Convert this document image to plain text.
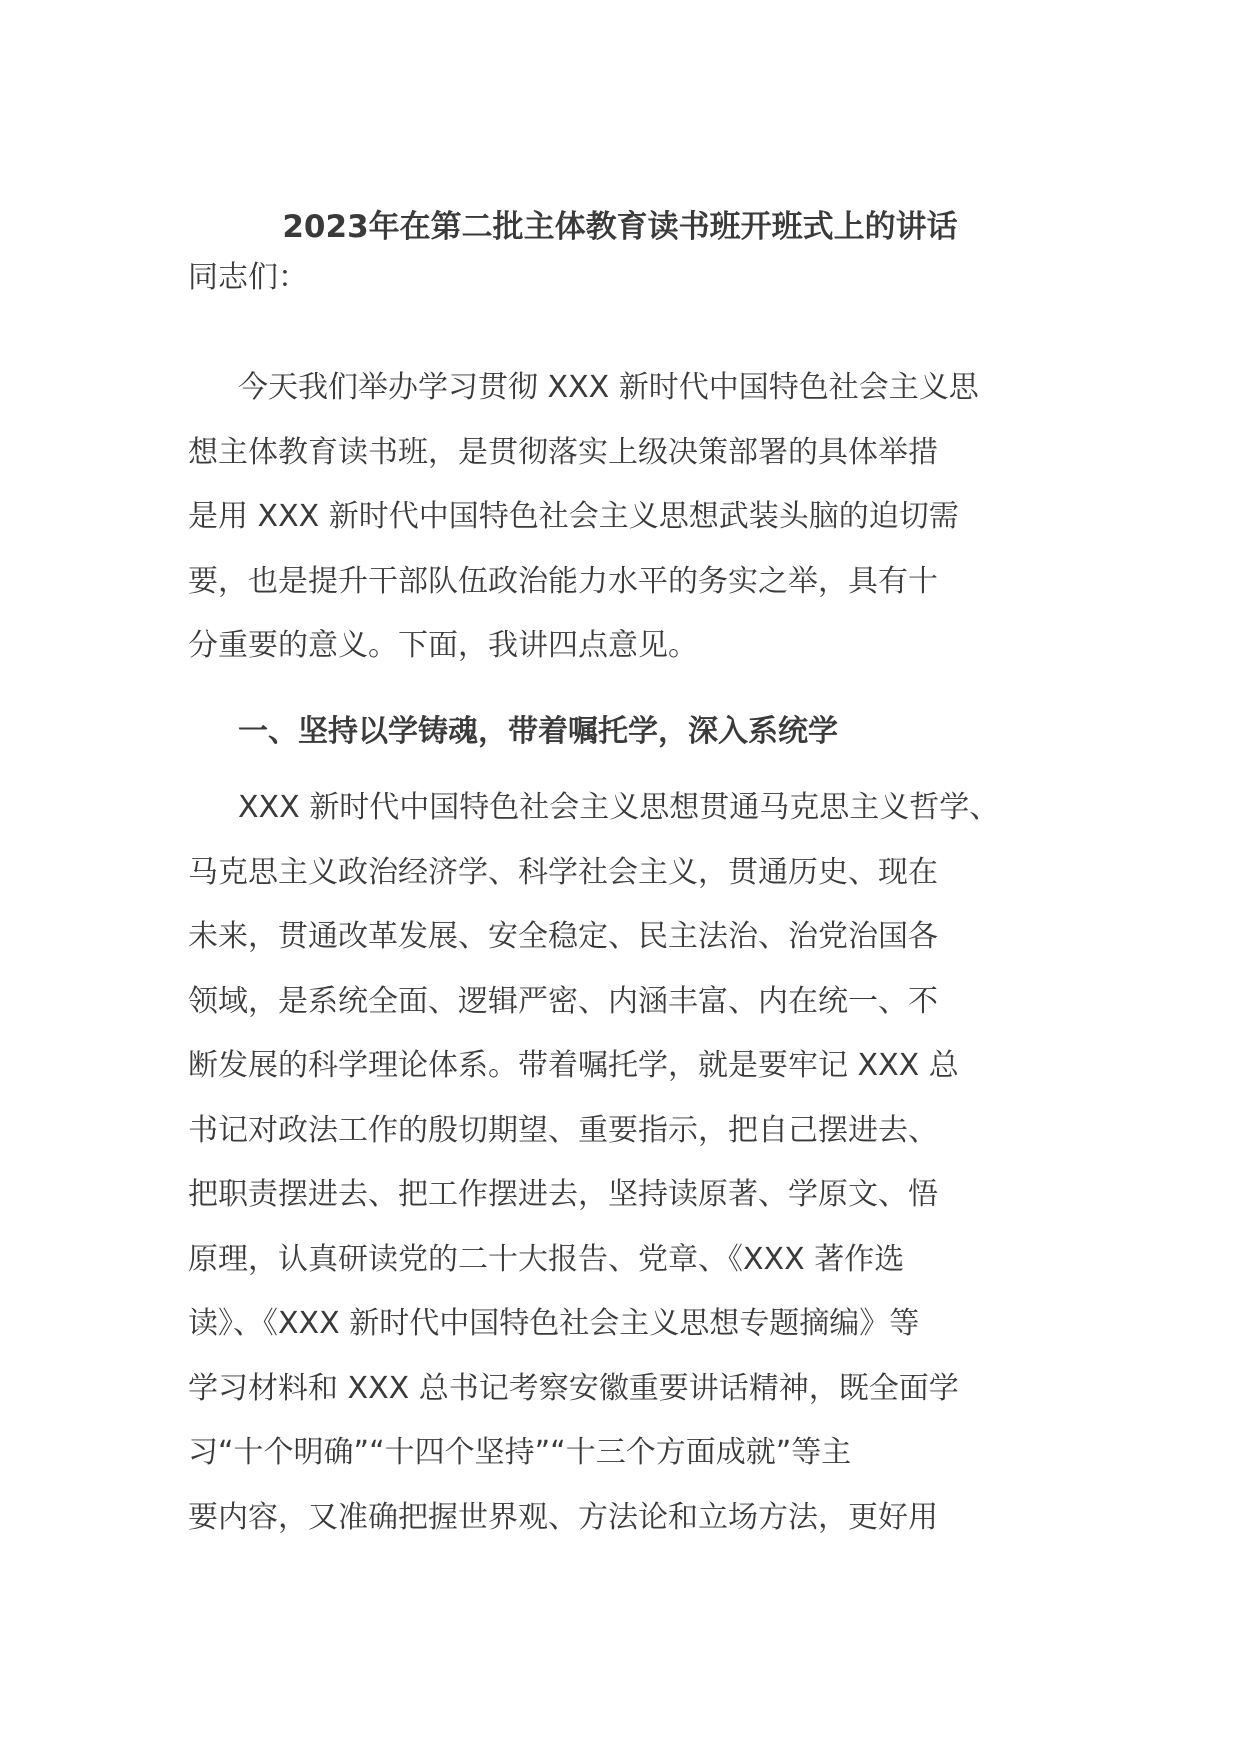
2023年在第二批主体教育读书班开班式上的讲话
同志们：
今天我们举办学习贯彻 XXX 新时代中国特色社会主义思
想主体教育读书班，是贯彻落实上级决策部署的具体举措
是用 XXX 新时代中国特色社会主义思想武装头脑的迫切需
要，也是提升干部队伍政治能力水平的务实之举，具有十
分重要的意义。下面，我讲四点意见。
一、坚持以学铸魂，带着嘱托学，深入系统学
XXX 新时代中国特色社会主义思想贯通马克思主义哲学、
马克思主义政治经济学、科学社会主义，贯通历史、现在
未来，贯通改革发展、安全稳定、民主法治、治党治国各
领域，是系统全面、逻辑严密、内涵丰富、内在统一、不
断发展的科学理论体系。带着嘱托学，就是要牢记 XXX 总
书记对政法工作的殷切期望、重要指示，把自己摆进去、
把职责摆进去、把工作摆进去，坚持读原著、学原文、悟
原理，认真研读党的二十大报告、党章、《XXX 著作选
读》、《XXX 新时代中国特色社会主义思想专题摘编》等
学习材料和 XXX 总书记考察安徽重要讲话精神，既全面学
习“十个明确”“十四个坚持”“十三个方面成就”等主
要内容，又准确把握世界观、方法论和立场方法，更好用
